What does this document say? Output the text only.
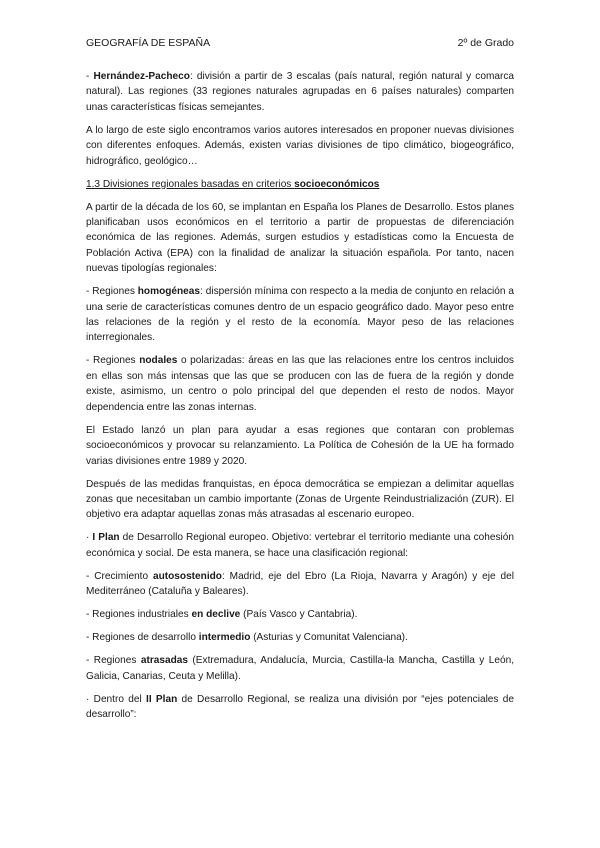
GEOGRAFÍA DE ESPAÑA	2º de Grado

- Hernández-Pacheco: división a partir de 3 escalas (país natural, región natural y comarca natural). Las regiones (33 regiones naturales agrupadas en 6 países naturales) comparten unas características físicas semejantes.

A lo largo de este siglo encontramos varios autores interesados en proponer nuevas divisiones con diferentes enfoques. Además, existen varias divisiones de tipo climático, biogeográfico, hidrográfico, geológico…

1.3 Divisiones regionales basadas en criterios socioeconómicos

A partir de la década de los 60, se implantan en España los Planes de Desarrollo. Estos planes planificaban usos económicos en el territorio a partir de propuestas de diferenciación económica de las regiones. Además, surgen estudios y estadísticas como la Encuesta de Población Activa (EPA) con la finalidad de analizar la situación española. Por tanto, nacen nuevas tipologías regionales:

- Regiones homogéneas: dispersión mínima con respecto a la media de conjunto en relación a una serie de características comunes dentro de un espacio geográfico dado. Mayor peso entre las relaciones de la región y el resto de la economía. Mayor peso de las relaciones interregionales.

- Regiones nodales o polarizadas: áreas en las que las relaciones entre los centros incluidos en ellas son más intensas que las que se producen con las de fuera de la región y donde existe, asimismo, un centro o polo principal del que dependen el resto de nodos. Mayor dependencia entre las zonas internas.

El Estado lanzó un plan para ayudar a esas regiones que contaran con problemas socioeconómicos y provocar su relanzamiento. La Política de Cohesión de la UE ha formado varias divisiones entre 1989 y 2020.

Después de las medidas franquistas, en época democrática se empiezan a delimitar aquellas zonas que necesitaban un cambio importante (Zonas de Urgente Reindustrialización (ZUR). El objetivo era adaptar aquellas zonas más atrasadas al escenario europeo.

· I Plan de Desarrollo Regional europeo. Objetivo: vertebrar el territorio mediante una cohesión económica y social. De esta manera, se hace una clasificación regional:

- Crecimiento autosostenido: Madrid, eje del Ebro (La Rioja, Navarra y Aragón) y eje del Mediterráneo (Cataluña y Baleares).

- Regiones industriales en declive (País Vasco y Cantabria).

- Regiones de desarrollo intermedio (Asturias y Comunitat Valenciana).

- Regiones atrasadas (Extremadura, Andalucía, Murcia, Castilla-la Mancha, Castilla y León, Galicia, Canarias, Ceuta y Melilla).

· Dentro del II Plan de Desarrollo Regional, se realiza una división por “ejes potenciales de desarrollo”:
